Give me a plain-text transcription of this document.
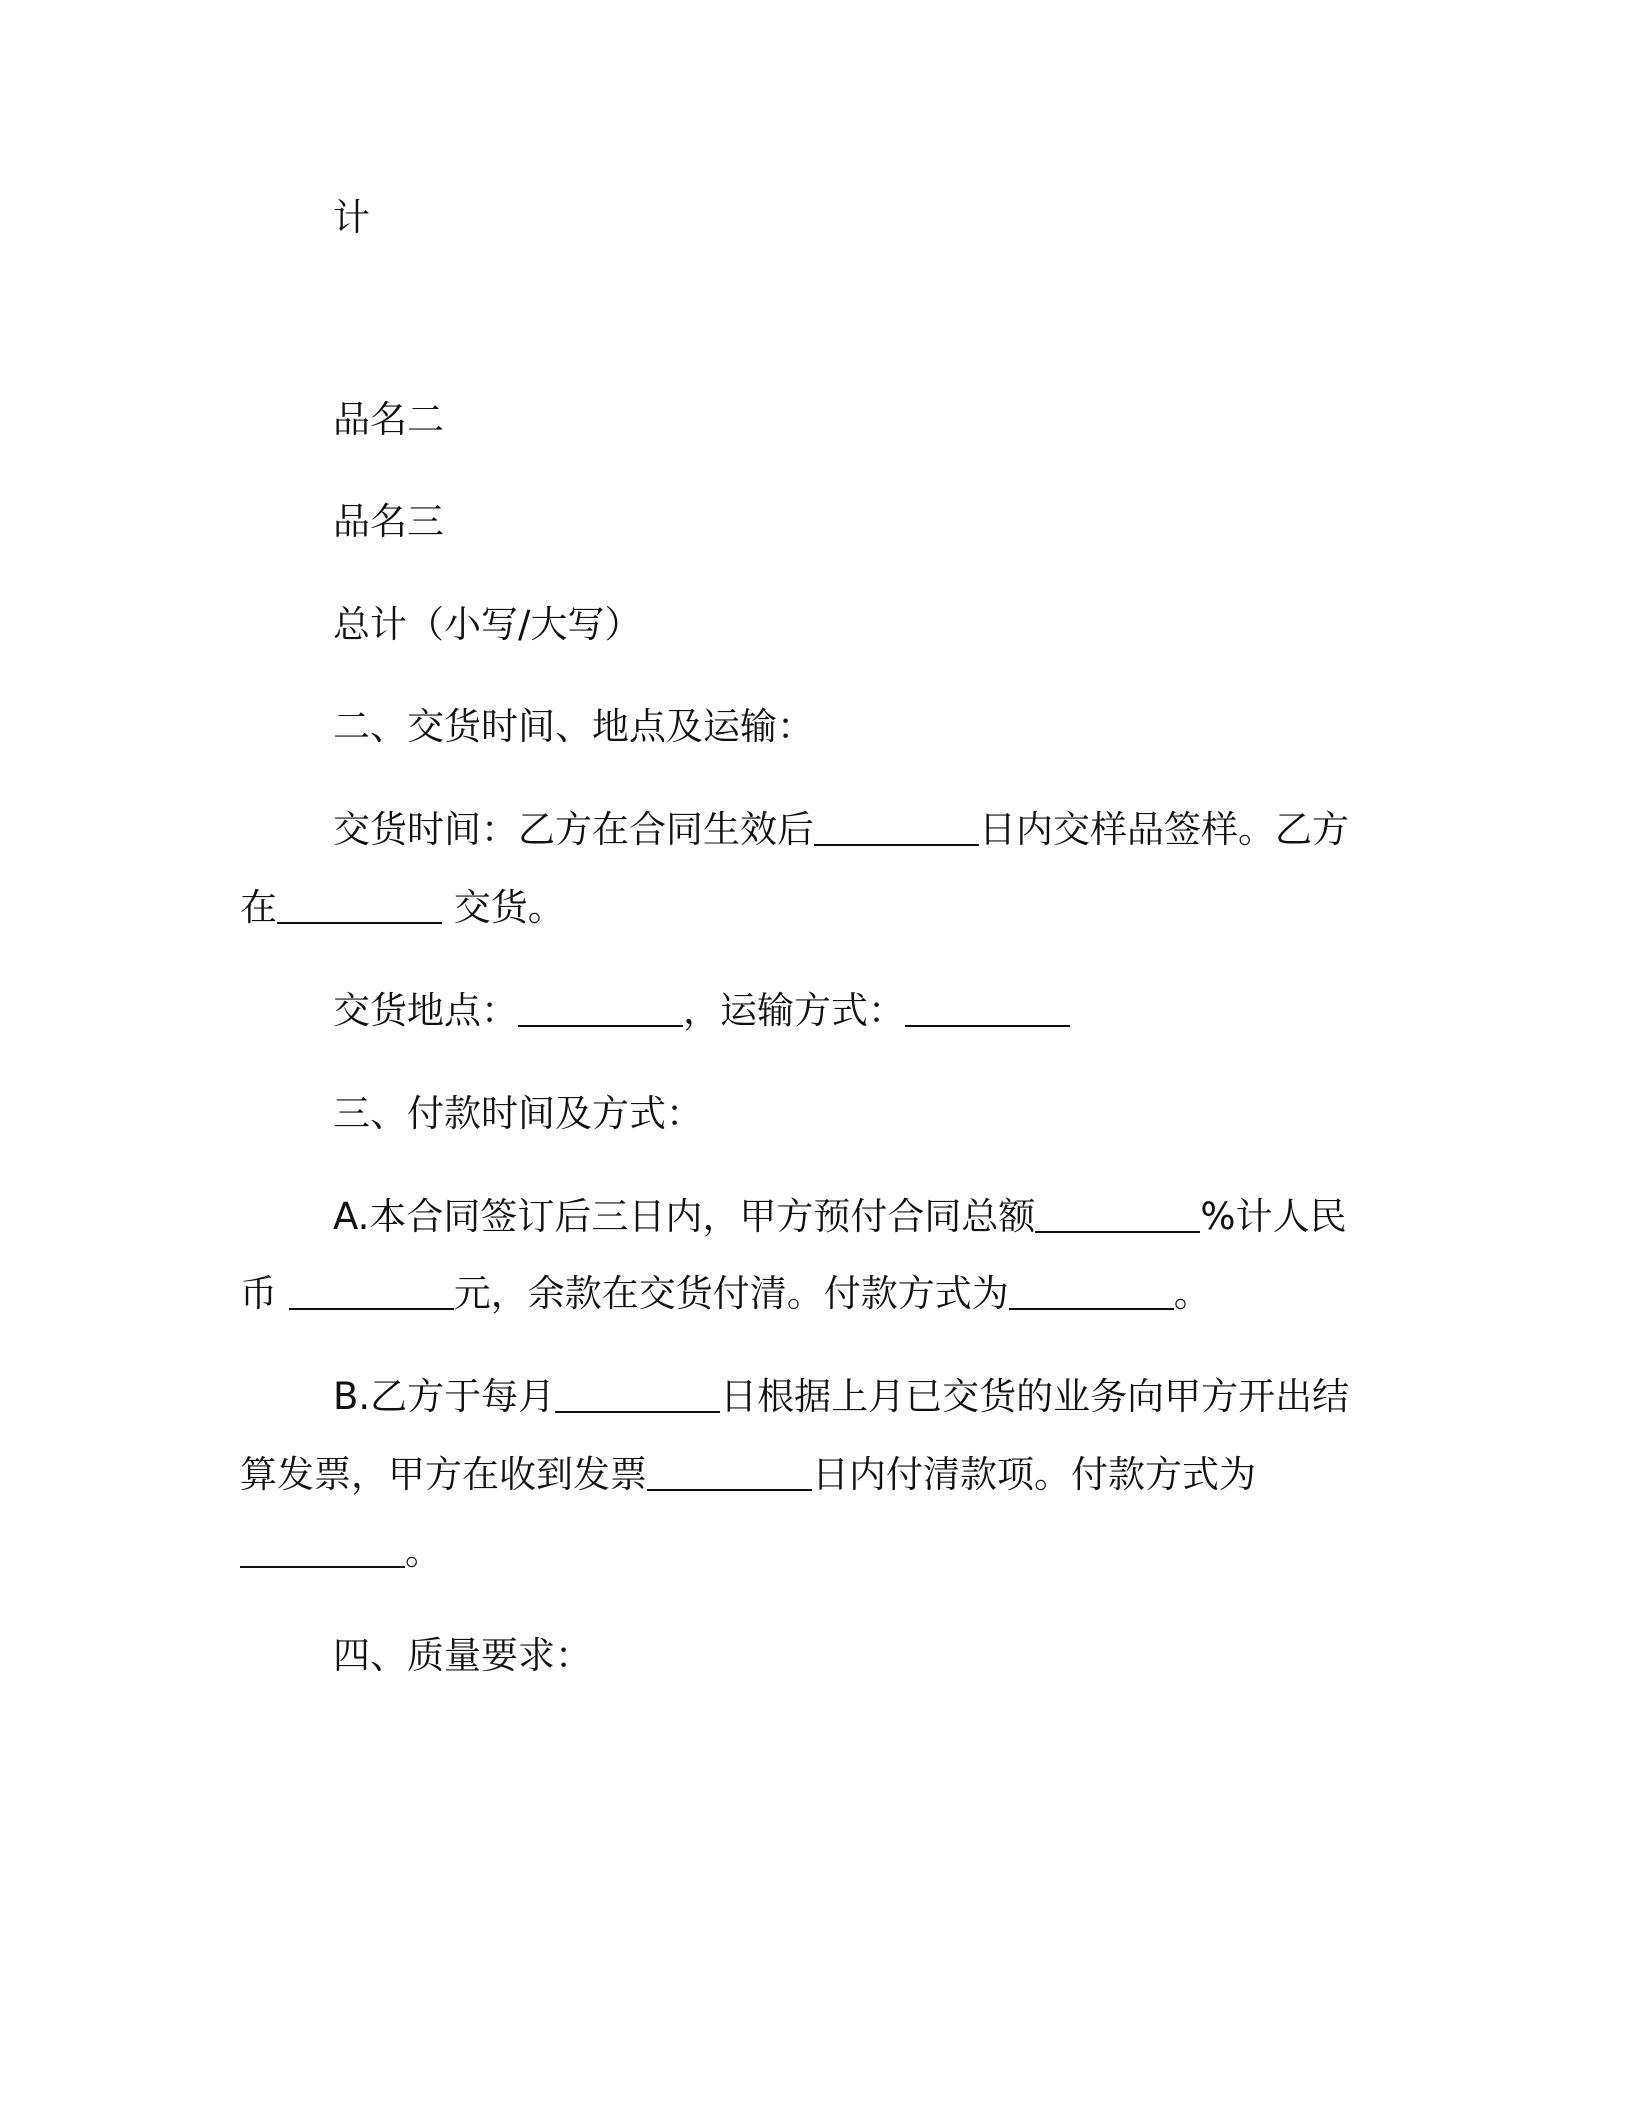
计
品名二
品名三
总计（小写/大写）
二、交货时间、地点及运输：
交货时间：乙方在合同生效后	日内交样品签样。乙方
在	交货。
交货地点：	，运输方式：
三、付款时间及方式：
A.本合同签订后三日内，甲方预付合同总额	%计人民
币	元，余款在交货付清。付款方式为	。
B.乙方于每月	日根据上月已交货的业务向甲方开出结
算发票，甲方在收到发票	日内付清款项。付款方式为
。
四、质量要求：
